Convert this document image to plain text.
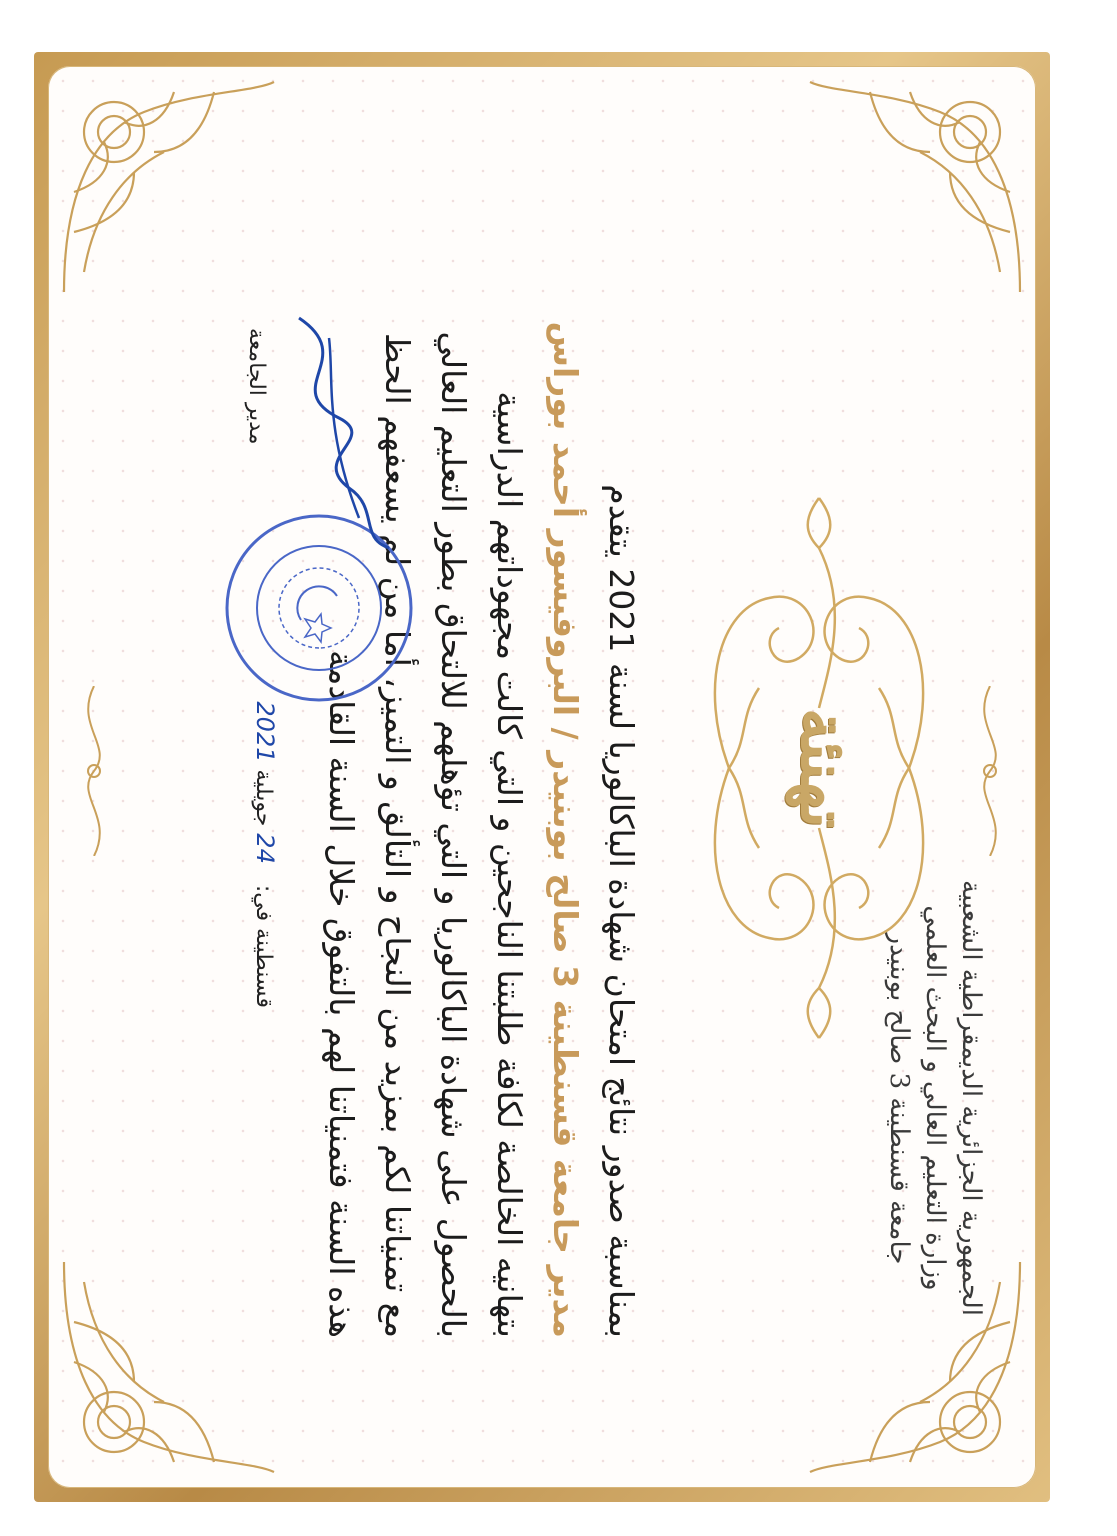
الجمهورية الجزائرية الديمقراطية الشعبية
وزارة التعليم العالي و البحث العلمي
جامعة قسنطينة 3 صالح بوبنيدر
تهنئة
بمناسبة صدور نتائج امتحان شهادة الباكالوريا لسنة 2021 يتقدم
مدير جامعة قسنطينة 3 صالح بوبنيدر / البروفيسور أحمد بوراس
بتهانيه الخالصة لكافة طلبتنا الناجحين و التي كالت مجهوداتهم الدراسية
بالحصول على شهادة الباكالوريا و التي تؤهلهم للالتحاق بطور التعليم العالي
مع تمنياتنا لكم بمزيد من النجاح و التألق و التميز، أما من لم يسعفهم الحظ
هذه السنة فتمنياتنا لهم بالتفوق خلال السنة القادمة
قسنطينة في:   24 جويلية 2021
مدير الجامعة
